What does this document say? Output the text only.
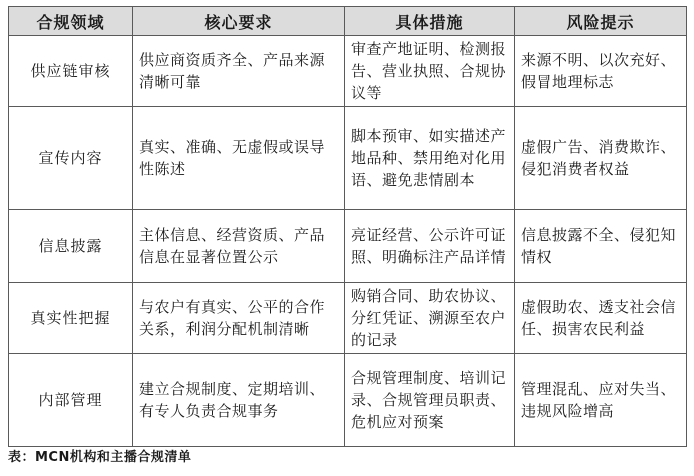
合规领域	核心要求	具体措施	风险提示
供应链审核	供应商资质齐全、产品来源清晰可靠	审查产地证明、检测报告、营业执照、合规协议等	来源不明、以次充好、假冒地理标志
宣传内容	真实、准确、无虚假或误导性陈述	脚本预审、如实描述产地品种、禁用绝对化用语、避免悲情剧本	虚假广告、消费欺诈、侵犯消费者权益
信息披露	主体信息、经营资质、产品信息在显著位置公示	亮证经营、公示许可证照、明确标注产品详情	信息披露不全、侵犯知情权
真实性把握	与农户有真实、公平的合作关系，利润分配机制清晰	购销合同、助农协议、分红凭证、溯源至农户的记录	虚假助农、透支社会信任、损害农民利益
内部管理	建立合规制度、定期培训、有专人负责合规事务	合规管理制度、培训记录、合规管理员职责、危机应对预案	管理混乱、应对失当、违规风险增高
表：MCN机构和主播合规清单
